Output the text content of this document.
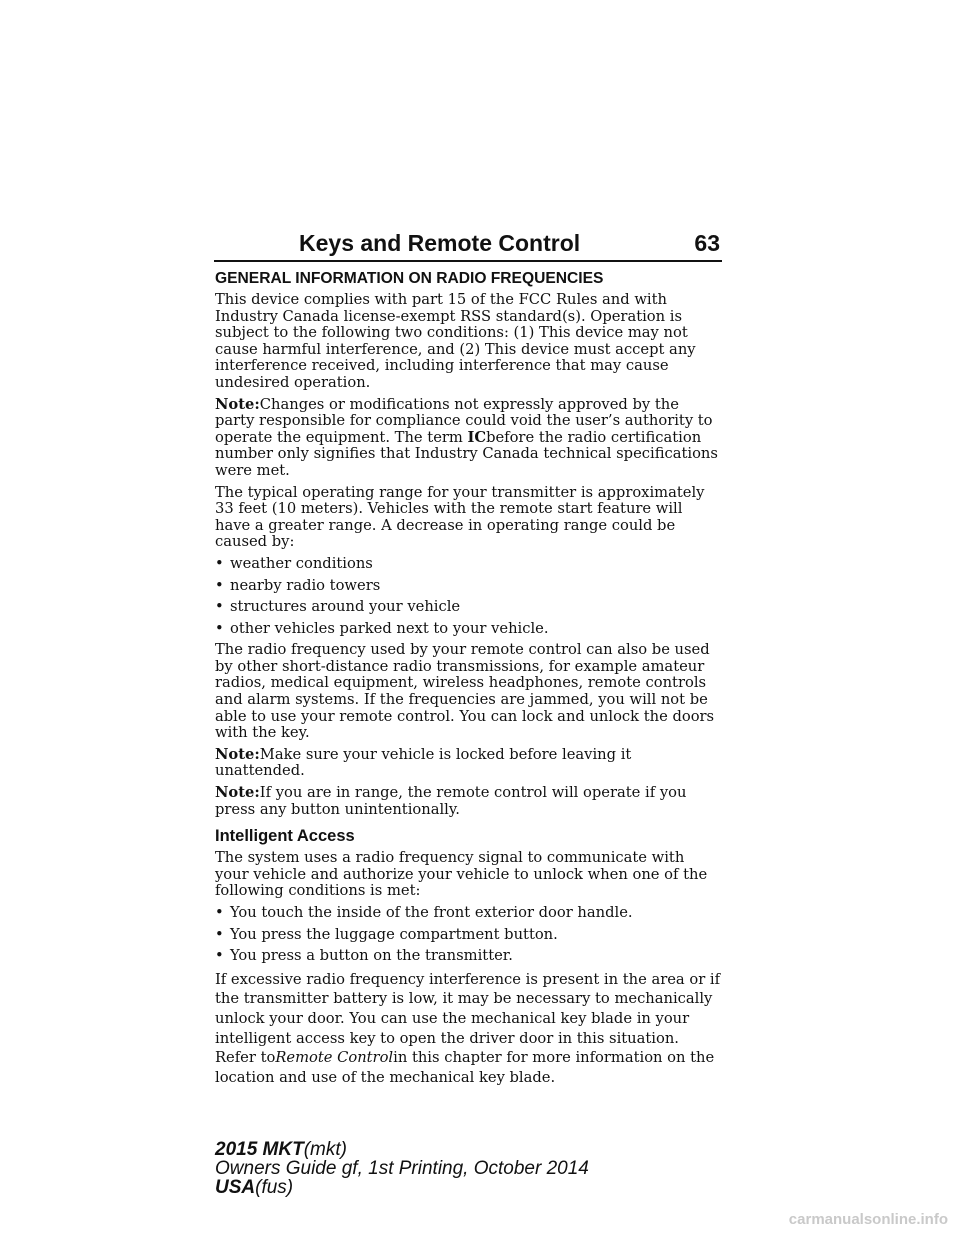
Keys and Remote Control	63
GENERAL INFORMATION ON RADIO FREQUENCIES

This device complies with part 15 of the FCC Rules and with Industry Canada license-exempt RSS standard(s). Operation is subject to the following two conditions: (1) This device may not cause harmful interference, and (2) This device must accept any interference received, including interference that may cause undesired operation.

Note:Changes or modifications not expressly approved by the party responsible for compliance could void the user’s authority to operate the equipment. The term ICbefore the radio certification number only signifies that Industry Canada technical specifications were met.

The typical operating range for your transmitter is approximately 33 feet (10 meters). Vehicles with the remote start feature will have a greater range. A decrease in operating range could be caused by:

• weather conditions
• nearby radio towers
• structures around your vehicle
• other vehicles parked next to your vehicle.

The radio frequency used by your remote control can also be used by other short-distance radio transmissions, for example amateur radios, medical equipment, wireless headphones, remote controls and alarm systems. If the frequencies are jammed, you will not be able to use your remote control. You can lock and unlock the doors with the key.

Note:Make sure your vehicle is locked before leaving it unattended.

Note:If you are in range, the remote control will operate if you press any button unintentionally.

Intelligent Access

The system uses a radio frequency signal to communicate with your vehicle and authorize your vehicle to unlock when one of the following conditions is met:

• You touch the inside of the front exterior door handle.
• You press the luggage compartment button.
• You press a button on the transmitter.

If excessive radio frequency interference is present in the area or if the transmitter battery is low, it may be necessary to mechanically unlock your door. You can use the mechanical key blade in your intelligent access key to open the driver door in this situation. Refer toRemote Controlin this chapter for more information on the location and use of the mechanical key blade.

2015 MKT(mkt)
Owners Guide gf, 1st Printing, October 2014
USA(fus)
carmanualsonline.info
